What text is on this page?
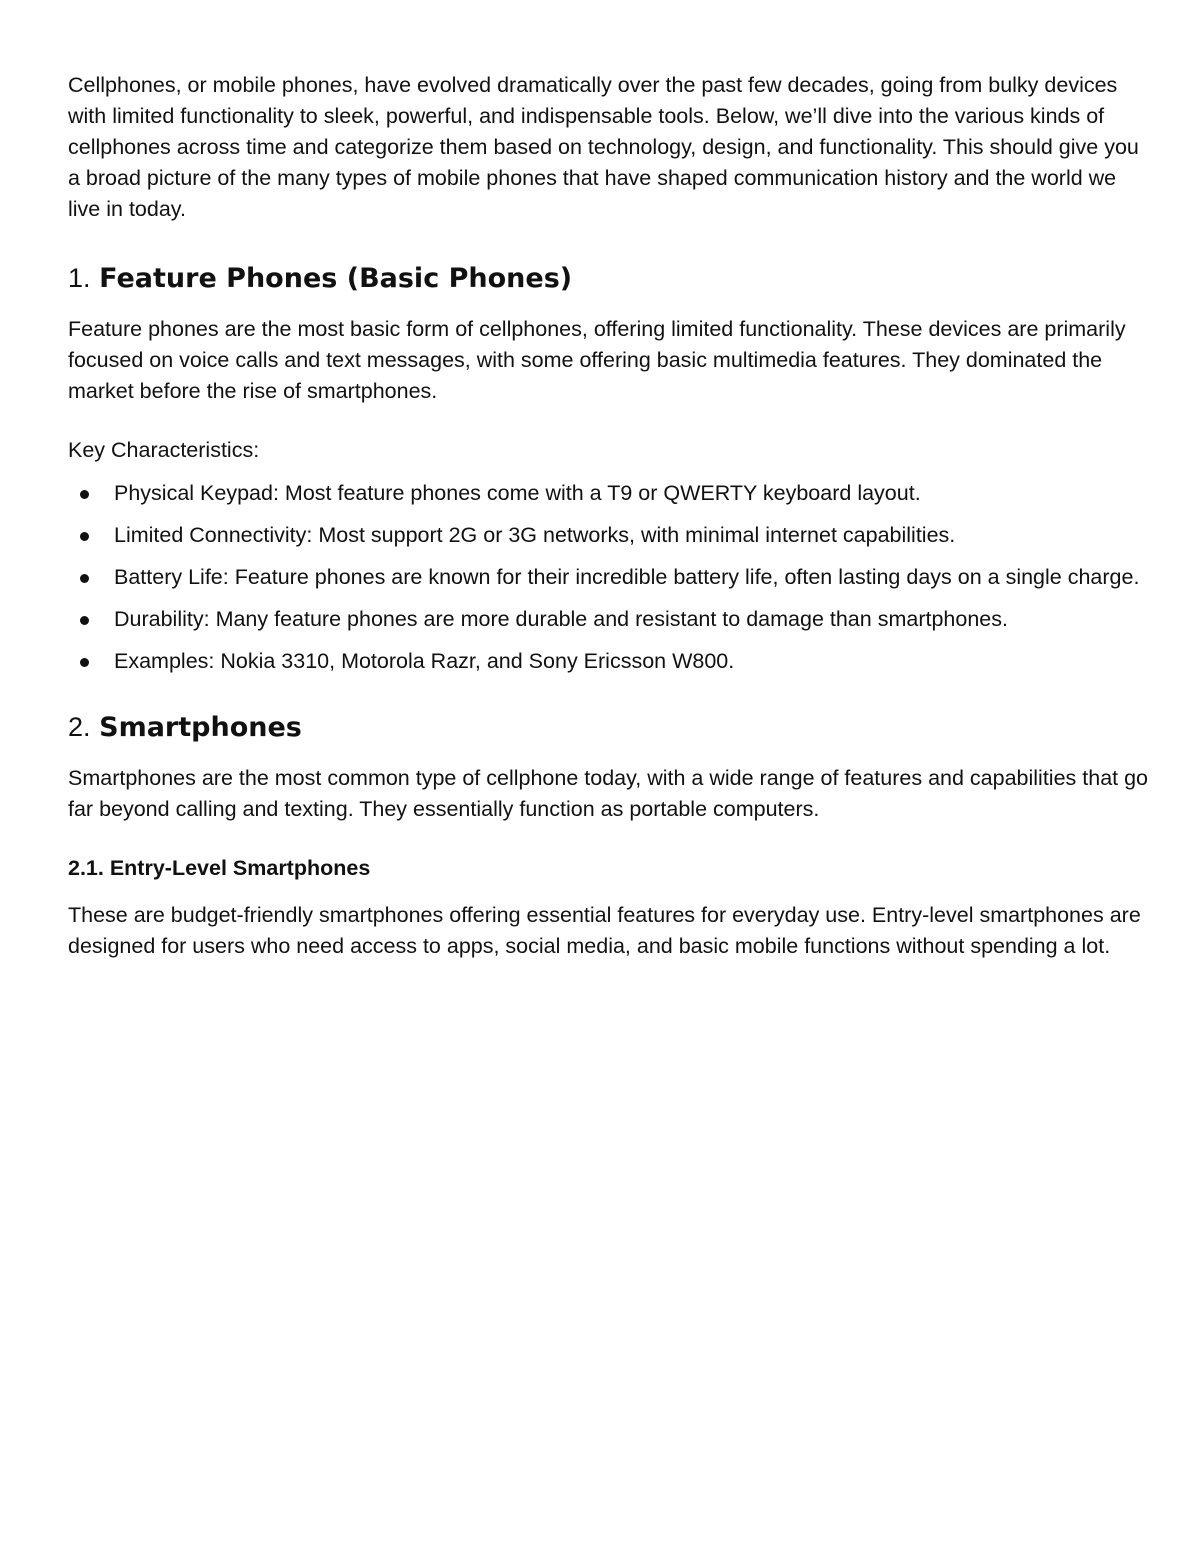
Cellphones, or mobile phones, have evolved dramatically over the past few decades, going from bulky devices with limited functionality to sleek, powerful, and indispensable tools. Below, we’ll dive into the various kinds of cellphones across time and categorize them based on technology, design, and functionality. This should give you a broad picture of the many types of mobile phones that have shaped communication history and the world we live in today.

1. Feature Phones (Basic Phones)

Feature phones are the most basic form of cellphones, offering limited functionality. These devices are primarily focused on voice calls and text messages, with some offering basic multimedia features. They dominated the market before the rise of smartphones.

Key Characteristics:

Physical Keypad: Most feature phones come with a T9 or QWERTY keyboard layout.
Limited Connectivity: Most support 2G or 3G networks, with minimal internet capabilities.
Battery Life: Feature phones are known for their incredible battery life, often lasting days on a single charge.
Durability: Many feature phones are more durable and resistant to damage than smartphones.
Examples: Nokia 3310, Motorola Razr, and Sony Ericsson W800.
2. Smartphones

Smartphones are the most common type of cellphone today, with a wide range of features and capabilities that go far beyond calling and texting. They essentially function as portable computers.

2.1. Entry-Level Smartphones

These are budget-friendly smartphones offering essential features for everyday use. Entry-level smartphones are designed for users who need access to apps, social media, and basic mobile functions without spending a lot.
